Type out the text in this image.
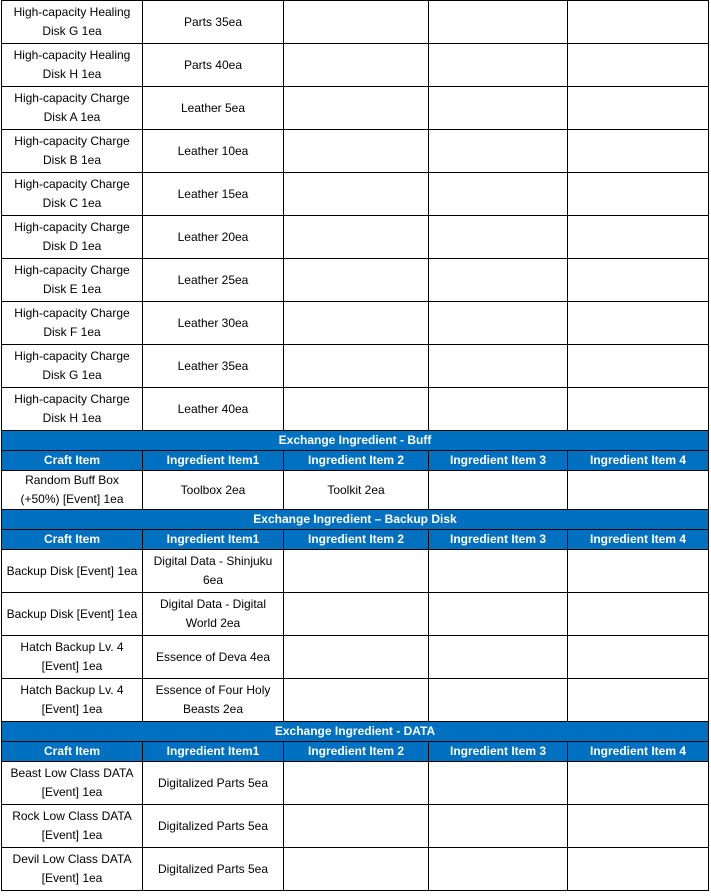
High-capacity Healing Disk G 1ea	Parts 35ea			
High-capacity Healing Disk H 1ea	Parts 40ea			
High-capacity Charge Disk A 1ea	Leather 5ea			
High-capacity Charge Disk B 1ea	Leather 10ea			
High-capacity Charge Disk C 1ea	Leather 15ea			
High-capacity Charge Disk D 1ea	Leather 20ea			
High-capacity Charge Disk E 1ea	Leather 25ea			
High-capacity Charge Disk F 1ea	Leather 30ea			
High-capacity Charge Disk G 1ea	Leather 35ea			
High-capacity Charge Disk H 1ea	Leather 40ea			
Exchange Ingredient - Buff				
Craft Item	Ingredient Item1	Ingredient Item 2	Ingredient Item 3	Ingredient Item 4
Random Buff Box (+50%) [Event] 1ea	Toolbox 2ea	Toolkit 2ea		
Exchange Ingredient – Backup Disk				
Craft Item	Ingredient Item1	Ingredient Item 2	Ingredient Item 3	Ingredient Item 4
Backup Disk [Event] 1ea	Digital Data - Shinjuku 6ea			
Backup Disk [Event] 1ea	Digital Data - Digital World 2ea			
Hatch Backup Lv. 4 [Event] 1ea	Essence of Deva 4ea			
Hatch Backup Lv. 4 [Event] 1ea	Essence of Four Holy Beasts 2ea			
Exchange Ingredient - DATA				
Craft Item	Ingredient Item1	Ingredient Item 2	Ingredient Item 3	Ingredient Item 4
Beast Low Class DATA [Event] 1ea	Digitalized Parts 5ea			
Rock Low Class DATA [Event] 1ea	Digitalized Parts 5ea			
Devil Low Class DATA [Event] 1ea	Digitalized Parts 5ea			
